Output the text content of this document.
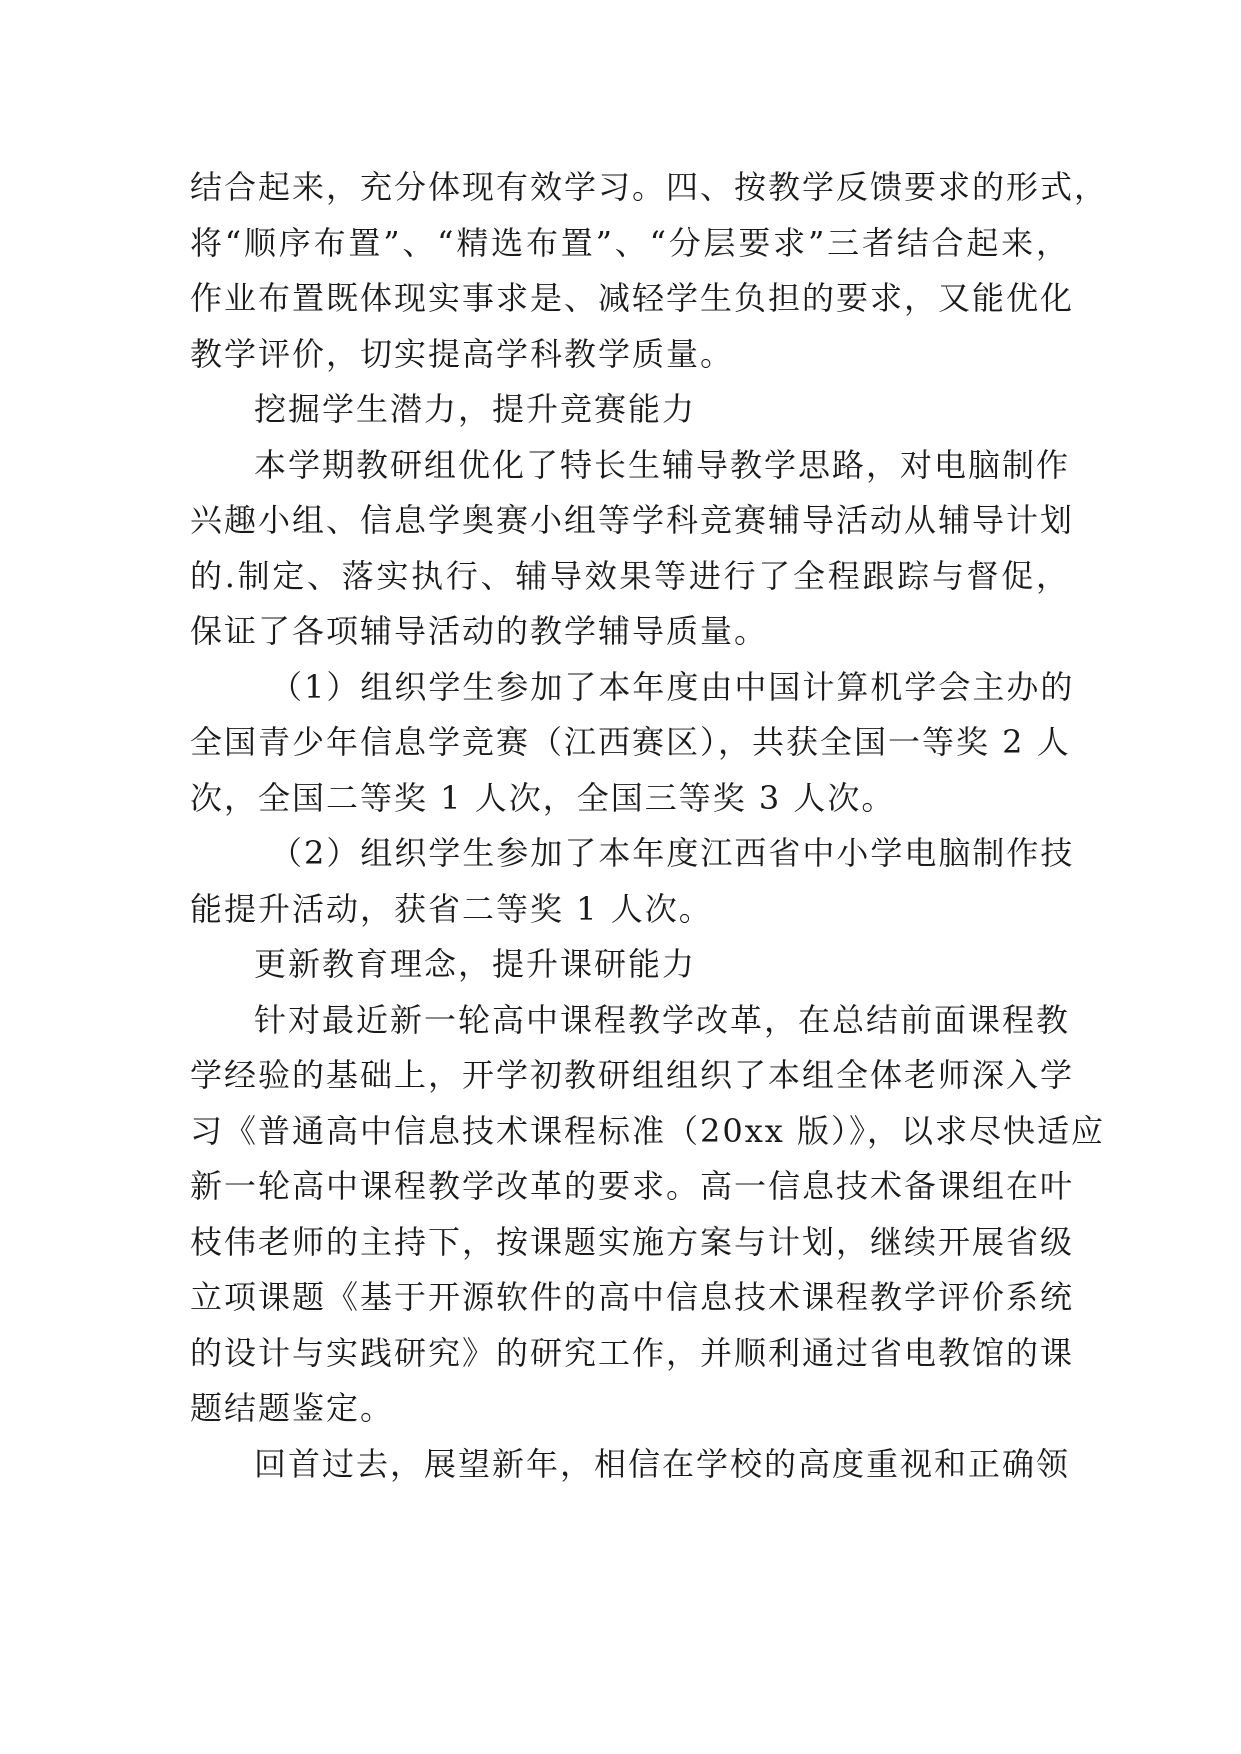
结合起来，充分体现有效学习。四、按教学反馈要求的形式，
将“顺序布置”、“精选布置”、“分层要求”三者结合起来，
作业布置既体现实事求是、减轻学生负担的要求，又能优化
教学评价，切实提高学科教学质量。
挖掘学生潜力，提升竞赛能力
本学期教研组优化了特长生辅导教学思路，对电脑制作
兴趣小组、信息学奥赛小组等学科竞赛辅导活动从辅导计划
的.制定、落实执行、辅导效果等进行了全程跟踪与督促，
保证了各项辅导活动的教学辅导质量。
（1）组织学生参加了本年度由中国计算机学会主办的
全国青少年信息学竞赛（江西赛区），共获全国一等奖 2 人
次，全国二等奖 1 人次，全国三等奖 3 人次。
（2）组织学生参加了本年度江西省中小学电脑制作技
能提升活动，获省二等奖 1 人次。
更新教育理念，提升课研能力
针对最近新一轮高中课程教学改革，在总结前面课程教
学经验的基础上，开学初教研组组织了本组全体老师深入学
习《普通高中信息技术课程标准（20xx 版）》，以求尽快适应
新一轮高中课程教学改革的要求。高一信息技术备课组在叶
枝伟老师的主持下，按课题实施方案与计划，继续开展省级
立项课题《基于开源软件的高中信息技术课程教学评价系统
的设计与实践研究》的研究工作，并顺利通过省电教馆的课
题结题鉴定。
回首过去，展望新年，相信在学校的高度重视和正确领
